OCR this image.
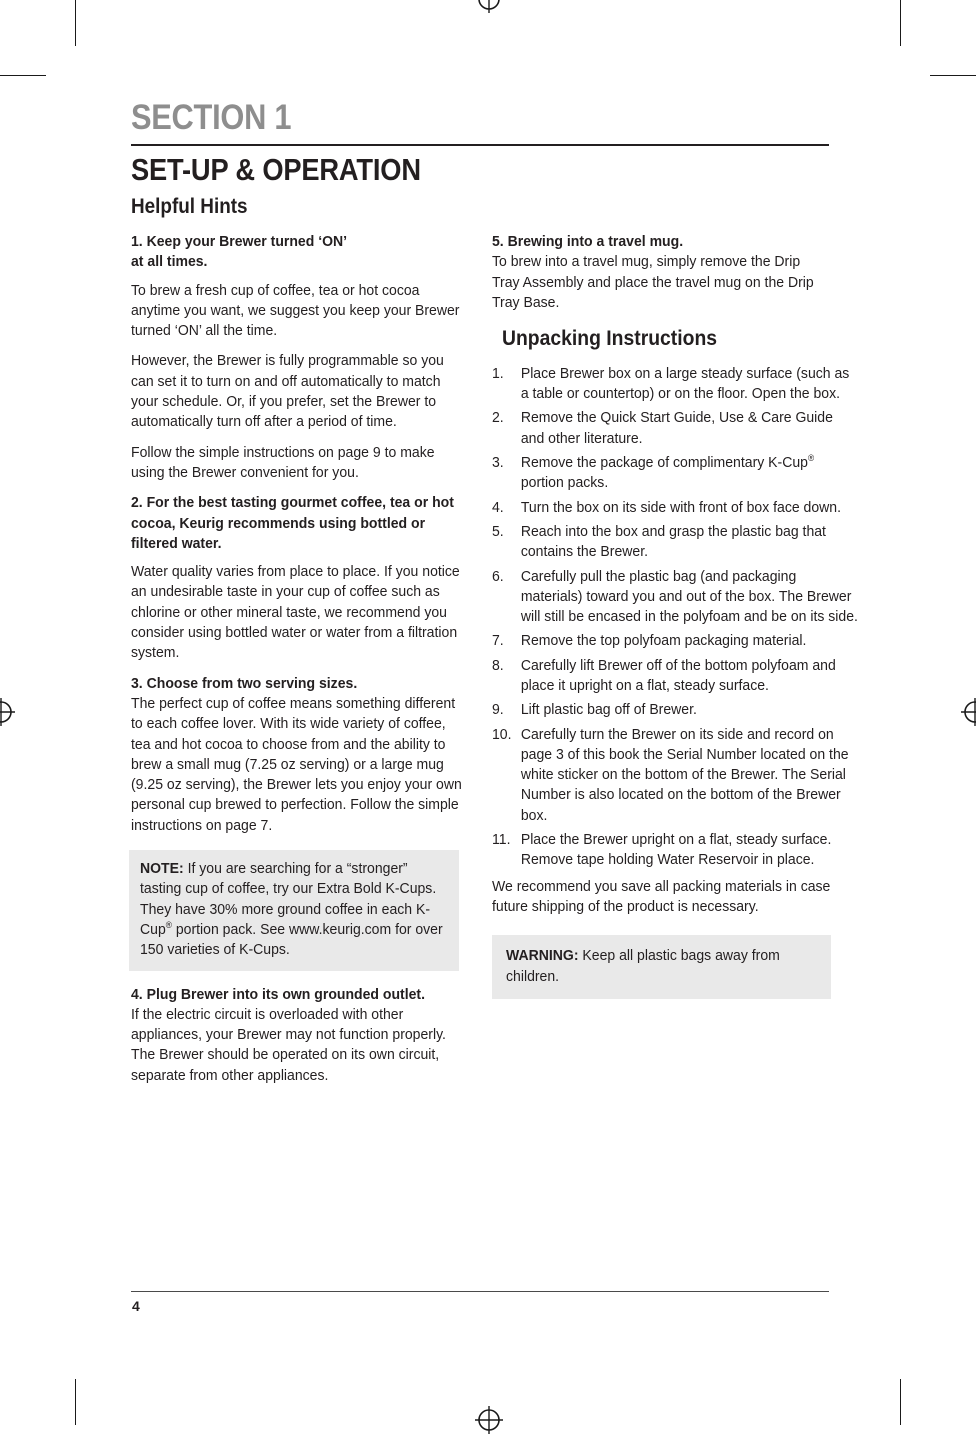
SECTION 1
SET-UP & OPERATION
Helpful Hints

1. Keep your Brewer turned ‘ON’

at all times.

To brew a fresh cup of coffee, tea or hot cocoa anytime you want, we suggest you keep your Brewer turned ‘ON’ all the time.

However, the Brewer is fully programmable so you can set it to turn on and off automatically to match your schedule. Or, if you prefer, set the Brewer to automatically turn off after a period of time.

Follow the simple instructions on page 9 to make using the Brewer convenient for you.

2. For the best tasting gourmet coffee, tea or hot cocoa, Keurig recommends using bottled or filtered water.

Water quality varies from place to place. If you notice an undesirable taste in your cup of coffee such as chlorine or other mineral taste, we recommend you consider using bottled water or water from a filtration system.

3. Choose from two serving sizes.

The perfect cup of coffee means something different to each coffee lover. With its wide variety of coffee, tea and hot cocoa to choose from and the ability to brew a small mug (7.25 oz serving) or a large mug (9.25 oz serving), the Brewer lets you enjoy your own personal cup brewed to perfection. Follow the simple instructions on page 7.

NOTE: If you are searching for a “stronger” tasting cup of coffee, try our Extra Bold K-Cups. They have 30% more ground coffee in each K-Cup® portion pack. See www.keurig.com for over 150 varieties of K-Cups.

4. Plug Brewer into its own grounded outlet.

If the electric circuit is overloaded with other appliances, your Brewer may not function properly. The Brewer should be operated on its own circuit, separate from other appliances.

5. Brewing into a travel mug.

To brew into a travel mug, simply remove the Drip Tray Assembly and place the travel mug on the Drip Tray Base.

Unpacking Instructions
1.	Place Brewer box on a large steady surface (such as a table or countertop) or on the floor. Open the box.
2.	Remove the Quick Start Guide, Use & Care Guide and other literature.
3.	Remove the package of complimentary K-Cup® portion packs.
4.	Turn the box on its side with front of box face down.
5.	Reach into the box and grasp the plastic bag that contains the Brewer.
6.	Carefully pull the plastic bag (and packaging materials) toward you and out of the box. The Brewer will still be encased in the polyfoam and be on its side.
7.	Remove the top polyfoam packaging material.
8.	Carefully lift Brewer off of the bottom polyfoam and place it upright on a flat, steady surface.
9.	Lift plastic bag off of Brewer.
10. Carefully turn the Brewer on its side and record on page 3 of this book the Serial Number located on the white sticker on the bottom of the Brewer. The Serial Number is also located on the bottom of the Brewer box.
11. Place the Brewer upright on a flat, steady surface. Remove tape holding Water Reservoir in place.

We recommend you save all packing materials in case future shipping of the product is necessary.

WARNING: Keep all plastic bags away from children.

4
